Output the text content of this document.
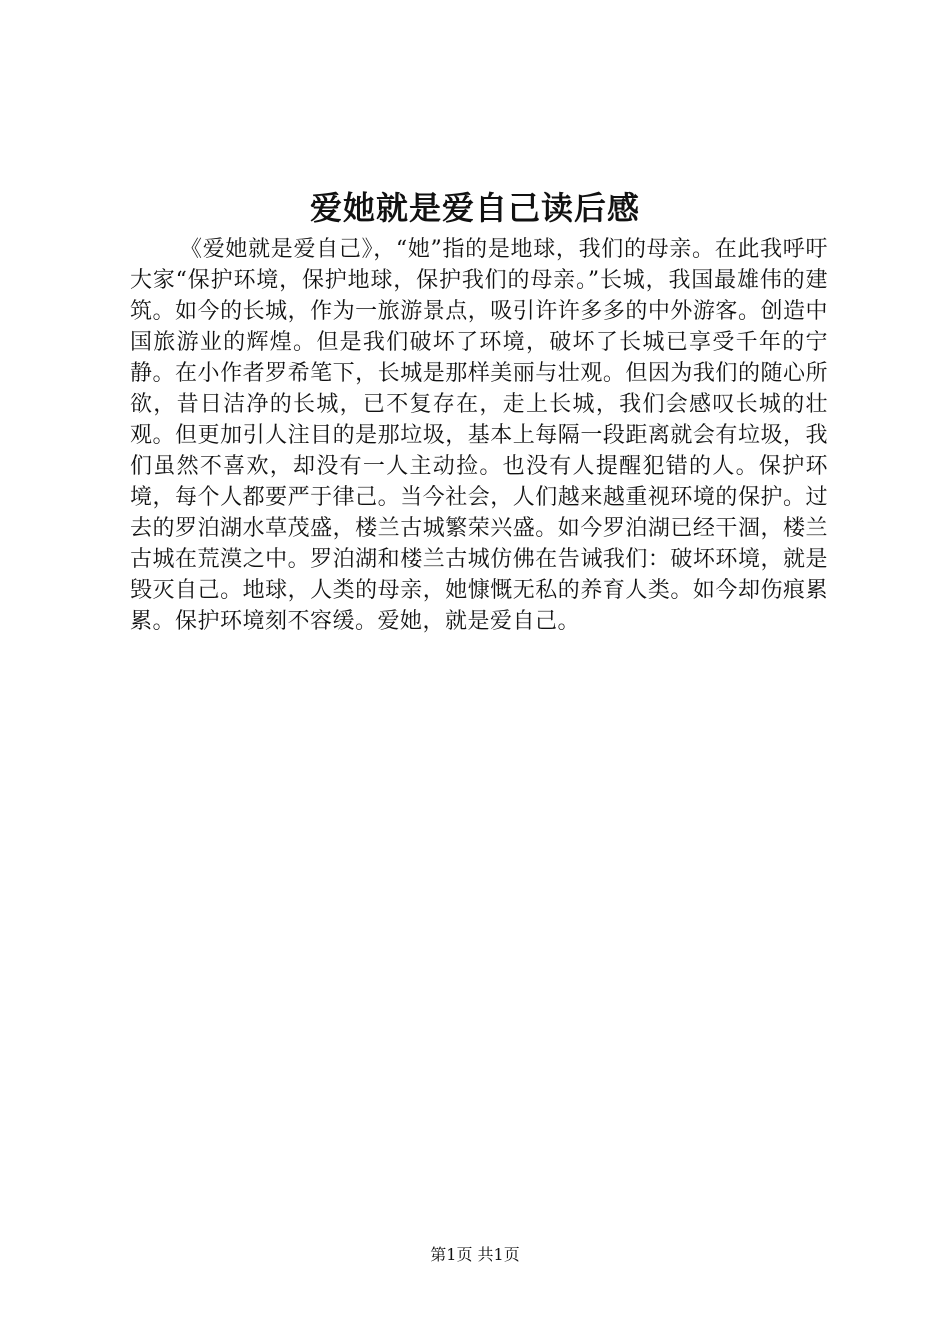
爱她就是爱自己读后感

《爱她就是爱自己》，“她”指的是地球，我们的母亲。在此我呼吁大家“保护环境，保护地球，保护我们的母亲。”长城，我国最雄伟的建筑。如今的长城，作为一旅游景点，吸引许许多多的中外游客。创造中国旅游业的辉煌。但是我们破坏了环境，破坏了长城已享受千年的宁静。在小作者罗希笔下，长城是那样美丽与壮观。但因为我们的随心所欲，昔日洁净的长城，已不复存在，走上长城，我们会感叹长城的壮观。但更加引人注目的是那垃圾，基本上每隔一段距离就会有垃圾，我们虽然不喜欢，却没有一人主动捡。也没有人提醒犯错的人。保护环境，每个人都要严于律己。当今社会，人们越来越重视环境的保护。过去的罗泊湖水草茂盛，楼兰古城繁荣兴盛。如今罗泊湖已经干涸，楼兰古城在荒漠之中。罗泊湖和楼兰古城仿佛在告诫我们：破坏环境，就是毁灭自己。地球，人类的母亲，她慷慨无私的养育人类。如今却伤痕累累。保护环境刻不容缓。爱她，就是爱自己。

第1页 共1页
